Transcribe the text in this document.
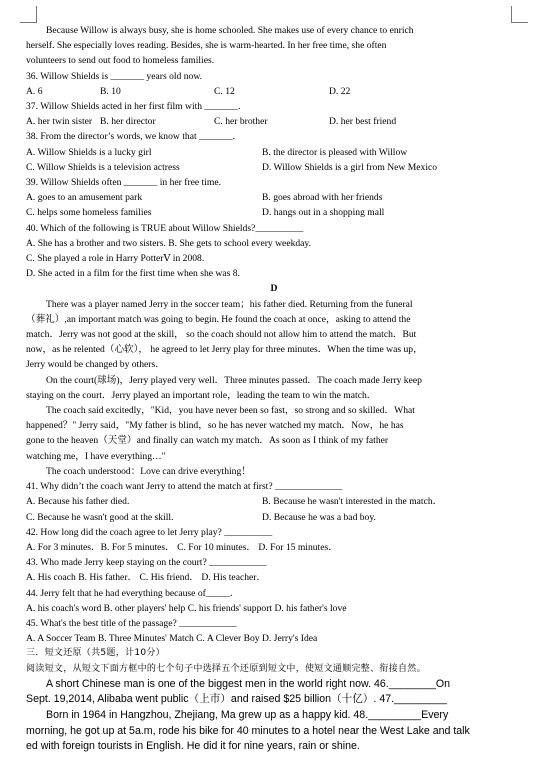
Because Willow is always busy, she is home schooled. She makes use of every chance to enrich
herself. She especially loves reading. Besides, she is warm-hearted. In her free time, she often
volunteers to send out food to homeless families.
36. Willow Shields is _______ years old now.
A. 6	B. 10	C. 12	D. 22
37. Willow Shields acted in her first film with _______.
A. her twin sister B. her director	C. her brother	D. her best friend
38. From the director’s words, we know that _______.
A. Willow Shields is a lucky girl	B. the director is pleased with Willow
C. Willow Shields is a television actress	D. Willow Shields is a girl from New Mexico
39. Willow Shields often _______ in her free time.
A. goes to an amusement park	B. goes abroad with her friends
C. helps some homeless families	D. hangs out in a shopping mall
40. Which of the following is TRUE about Willow Shields?__________
A. She has a brother and two sisters. B. She gets to school every weekday.
C. She played a role in Harry PotterⅤ in 2008.
D. She acted in a film for the first time when she was 8.
D
There was a player named Jerry in the soccer team；his father died. Returning from the funeral
（葬礼）,an important match was going to begin. He found the coach at once，asking to attend the
match．Jerry was not good at the skill， so the coach should not allow him to attend the match．But
now，as he relented（心软）， he agreed to let Jerry play for three minutes．When the time was up，
Jerry would be changed by others．
On the court(球场)，Jerry played very well．Three minutes passed．The coach made Jerry keep
staying on the court．Jerry played an important role，leading the team to win the match．
The coach said excitedly，"Kid，you have never been so fast，so strong and so skilled．What
happened？" Jerry said，"My father is blind，so he has never watched my match．Now，he has
gone to the heaven（天堂）and finally can watch my match．As soon as I think of my father
watching me，I have everything…"
The coach understood：Love can drive everything！
41. Why didn’t the coach want Jerry to attend the match at first? ______________
A. Because his father died.	B. Because he wasn't interested in the match．
C. Because he wasn't good at the skill.	D. Because he was a bad boy.
42. How long did the coach agree to let Jerry play? __________
A. For 3 minutes．B. For 5 minutes． C. For 10 minutes． D. For 15 minutes．
43. Who made Jerry keep staying on the court? ____________
A. His coach B. His father． C. His friend． D. His teacher．
44. Jerry felt that he had everything because of_____．
A. his coach's word B. other players' help C. his friends' support D. his father's love
45. What's the best title of the passage? ____________
A. A Soccer Team B. Three Minutes' Match C. A Clever Boy D. Jerry's Idea
三．短文还原（共5题，计10分）
阅读短文，从短文下面方框中的七个句子中选择五个还原到短文中，使短文通顺完整、衔接自然。
A short Chinese man is one of the biggest men in the world right now. 46.________On
Sept. 19,2014, Alibaba went public（上市）and raised $25 billion（十亿）. 47._________
Born in 1964 in Hangzhou, Zhejiang, Ma grew up as a happy kid. 48._________Every
morning, he got up at 5a.m, rode his bike for 40 minutes to a hotel near the West Lake and talk
ed with foreign tourists in English. He did it for nine years, rain or shine.
